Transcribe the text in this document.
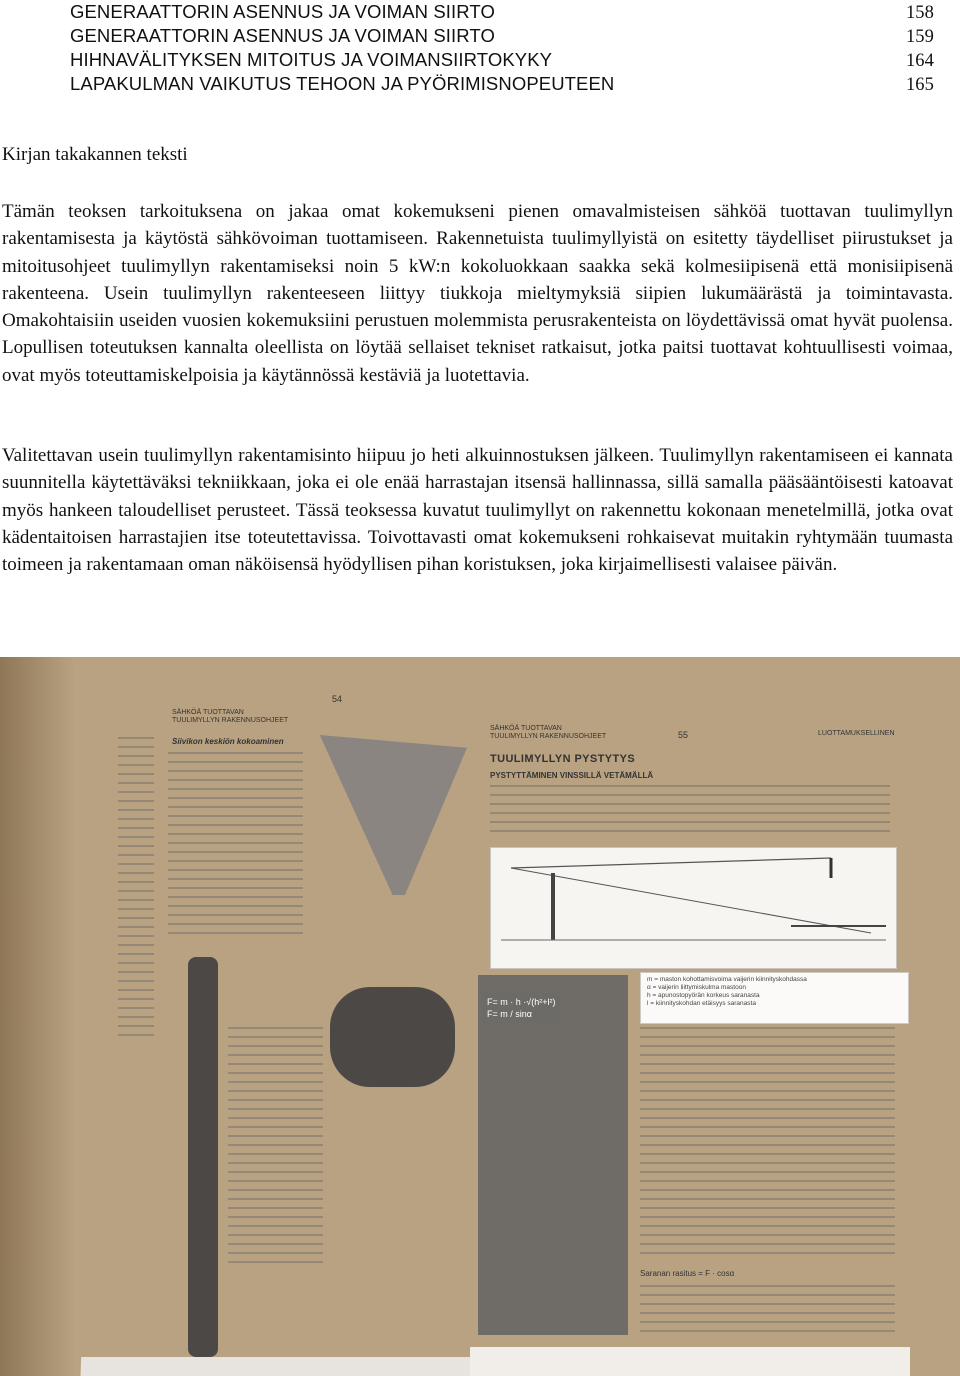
GENERAATTORIN ASENNUS JA VOIMAN SIIRTO	158
GENERAATTORIN ASENNUS JA VOIMAN SIIRTO	159
HIHNAVÄLITYKSEN MITOITUS JA VOIMANSIIRTOKYKY	164
LAPAKULMAN VAIKUTUS TEHOON JA PYÖRIMISNOPEUTEEN	165
Kirjan takakannen teksti

Tämän teoksen tarkoituksena on jakaa omat kokemukseni pienen omavalmisteisen sähköä tuottavan tuulimyllyn rakentamisesta ja käytöstä sähkövoiman tuottamiseen. Rakennetuista tuulimyllyistä on esitetty täydelliset piirustukset ja mitoitusohjeet tuulimyllyn rakentamiseksi noin 5 kW:n kokoluokkaan saakka sekä kolmesiipisenä että monisiipisenä rakenteena. Usein tuulimyllyn rakenteeseen liittyy tiukkoja mieltymyksiä siipien lukumäärästä ja toimintavasta. Omakohtaisiin useiden vuosien kokemuksiini perustuen molemmista perusrakenteista on löydettävissä omat hyvät puolensa. Lopullisen toteutuksen kannalta oleellista on löytää sellaiset tekniset ratkaisut, jotka paitsi tuottavat kohtuullisesti voimaa, ovat myös toteuttamiskelpoisia ja käytännössä kestäviä ja luotettavia.

Valitettavan usein tuulimyllyn rakentamisinto hiipuu jo heti alkuinnostuksen jälkeen. Tuulimyllyn rakentamiseen ei kannata suunnitella käytettäväksi tekniikkaan, joka ei ole enää harrastajan itsensä hallinnassa, sillä samalla pääsääntöisesti katoavat myös hankeen taloudelliset perusteet. Tässä teoksessa kuvatut tuulimyllyt on rakennettu kokonaan menetelmillä, jotka ovat kädentaitoisen harrastajien itse toteutettavissa. Toivottavasti omat kokemukseni rohkaisevat muitakin ryhtymään tuumasta toimeen ja rakentamaan oman näköisensä hyödyllisen pihan koristuksen, joka kirjaimellisesti valaisee päivän.

54
SÄHKÖÄ TUOTTAVAN
TUULIMYLLYN RAKENNUSOHJEET
Siivikon keskiön kokoaminen
SÄHKÖÄ TUOTTAVAN
TUULIMYLLYN RAKENNUSOHJEET	55	LUOTTAMUKSELLINEN
TUULIMYLLYN PYSTYTYS
PYSTYTTÄMINEN VINSSILLÄ VETÄMÄLLÄ
F= m · h ·√(h²+l²)
F= m / sinα
m = maston kohottamisvoima vaijerin kiinnityskohdassa
α = vaijerin liittymiskulma mastoon
h = apunostopyörän korkeus saranasta
l = kiinnityskohdan etäisyys saranasta
Saranan rasitus = F · cosα
